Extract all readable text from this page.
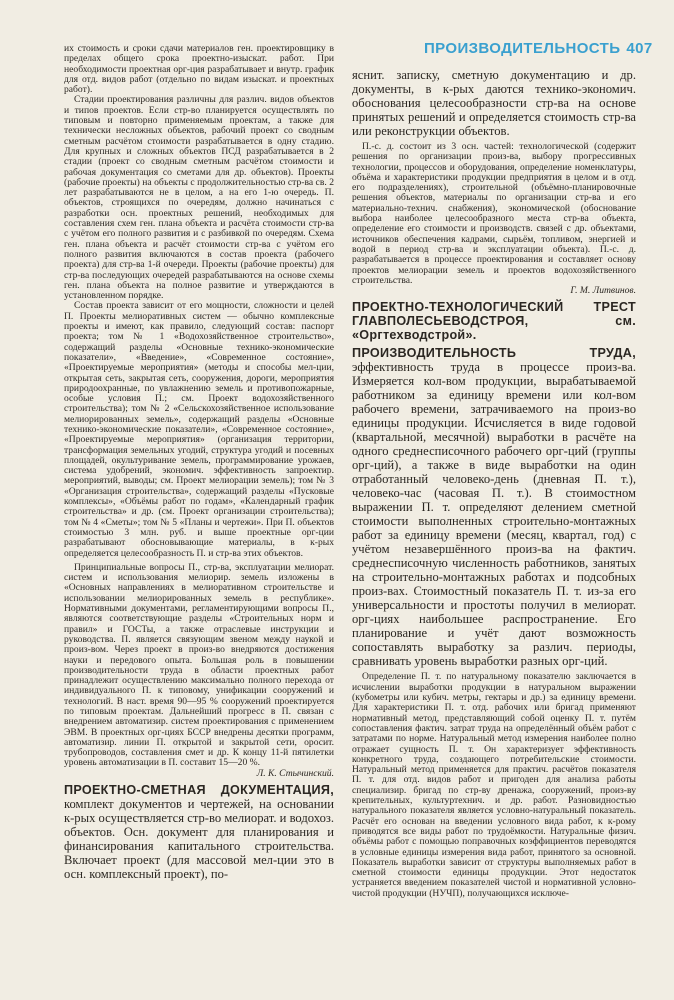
ПРОИЗВОДИТЕЛЬНОСТЬ 407

их стоимость и сроки сдачи материалов ген. проектировщику в пределах общего срока проектно-изыскат. работ. При необходимости проектная орг-ция разрабатывает и внутр. график для отд. видов работ (отдельно по видам изыскат. и проектных работ).

Стадии проектирования различны для различ. видов объектов и типов проектов. Если стр-во планируется осуществлять по типовым и повторно применяемым проектам, а также для технически несложных объектов, рабочий проект со сводным сметным расчётом стоимости разрабатывается в одну стадию. Для крупных и сложных объектов ПСД разрабатывается в 2 стадии (проект со сводным сметным расчётом стоимости и рабочая документация со сметами для др. объектов). Проекты (рабочие проекты) на объекты с продолжительностью стр-ва св. 2 лет разрабатываются не в целом, а на его 1-ю очередь. П. объектов, строящихся по очередям, должно начинаться с разработки осн. проектных решений, необходимых для составления схем ген. плана объекта и расчёта стоимости стр-ва с учётом его полного развития и с разбивкой по очередям. Схема ген. плана объекта и расчёт стоимости стр-ва с учётом его полного развития включаются в состав проекта (рабочего проекта) для стр-ва 1-й очереди. Проекты (рабочие проекты) для стр-ва последующих очередей разрабатываются на основе схемы ген. плана объекта на полное развитие и утверждаются в установленном порядке.

Состав проекта зависит от его мощности, сложности и целей П. Проекты мелиоративных систем — обычно комплексные проекты и имеют, как правило, следующий состав: паспорт проекта; том № 1 «Водохозяйственное строительство», содержащий разделы «Основные технико-экономические показатели», «Введение», «Современное состояние», «Проектируемые мероприятия» (методы и способы мел-ции, открытая сеть, закрытая сеть, сооружения, дороги, мероприятия природоохранные, по увлажнению земель и противопожарные, особые условия П.; см. Проект водохозяйственного строительства); том № 2 «Сельскохозяйственное использование мелиорированных земель», содержащий разделы «Основные технико-экономические показатели», «Современное состояние», «Проектируемые мероприятия» (организация территории, трансформация земельных угодий, структура угодий и посевных площадей, окультуривание земель, программирование урожаев, система удобрений, экономич. эффективность запроектир. мероприятий, выводы; см. Проект мелиорации земель); том № 3 «Организация строительства», содержащий разделы «Пусковые комплексы», «Объёмы работ по годам», «Календарный график строительства» и др. (см. Проект организации строительства); том № 4 «Сметы»; том № 5 «Планы и чертежи». При П. объектов стоимостью 3 млн. руб. и выше проектные орг-ции разрабатывают обосновывающие материалы, в к-рых определяется целесообразность П. и стр-ва этих объектов.

Принципиальные вопросы П., стр-ва, эксплуатации мелиорат. систем и использования мелиорир. земель изложены в «Основных направлениях в мелиоративном строительстве и использовании мелиорированных земель в республике». Нормативными документами, регламентирующими вопросы П., являются соответствующие разделы «Строительных норм и правил» и ГОСТы, а также отраслевые инструкции и руководства. П. является связующим звеном между наукой и произ-вом. Через проект в произ-во внедряются достижения науки и передового опыта. Большая роль в повышении производительности труда в области проектных работ принадлежит осуществлению максимально полного перехода от индивидуального П. к типовому, унификации сооружений и технологий. В наст. время 90—95 % сооружений проектируется по типовым проектам. Дальнейший прогресс в П. связан с внедрением автоматизир. систем проектирования с применением ЭВМ. В проектных орг-циях БССР внедрены десятки программ, автоматизир. линии П. открытой и закрытой сети, оросит. трубопроводов, составления смет и др. К концу 11-й пятилетки уровень автоматизации в П. составит 15—20 %.

Л. К. Стычинский.

ПРОЕКТНО-СМЕТНАЯ ДОКУМЕНТАЦИЯ, комплект документов и чертежей, на основании к-рых осуществляется стр-во мелиорат. и водохоз. объектов. Осн. документ для планирования и финансирования капитального строительства. Включает проект (для массовой мел-ции это в осн. комплексный проект), по-

яснит. записку, сметную документацию и др. документы, в к-рых даются технико-экономич. обоснования целесообразности стр-ва на основе принятых решений и определяется стоимость стр-ва или реконструкции объектов.

П.-с. д. состоит из 3 осн. частей: технологической (содержит решения по организации произ-ва, выбору прогрессивных технологии, процессов и оборудования, определение номенклатуры, объёма и характеристики продукции предприятия в целом и в отд. его подразделениях), строительной (объёмно-планировочные решения объектов, материалы по организации стр-ва и его материально-технич. снабжения), экономической (обоснование выбора наиболее целесообразного места стр-ва объекта, определение его стоимости и производств. связей с др. объектами, источников обеспечения кадрами, сырьём, топливом, энергией и водой в период стр-ва и эксплуатации объекта). П.-с. д. разрабатывается в процессе проектирования и составляет основу проектов мелиорации земель и проектов водохозяйственного строительства.

Г. М. Литвинов.

ПРОЕКТНО-ТЕХНОЛОГИЧЕСКИЙ ТРЕСТ ГЛАВПОЛЕСЬЕВОДСТРОЯ, см. «Оргтехводстрой».

ПРОИЗВОДИТЕЛЬНОСТЬ ТРУДА, эффективность труда в процессе произ-ва. Измеряется кол-вом продукции, вырабатываемой работником за единицу времени или кол-вом рабочего времени, затрачиваемого на произ-во единицы продукции. Исчисляется в виде годовой (квартальной, месячной) выработки в расчёте на одного среднесписочного рабочего орг-ций (группы орг-ций), а также в виде выработки на один отработанный человеко-день (дневная П. т.), человеко-час (часовая П. т.). В стоимостном выражении П. т. определяют делением сметной стоимости выполненных строительно-монтажных работ за единицу времени (месяц, квартал, год) с учётом незавершённого произ-ва на фактич. среднесписочную численность работников, занятых на строительно-монтажных работах и подсобных произ-вах. Стоимостный показатель П. т. из-за его универсальности и простоты получил в мелиорат. орг-циях наибольшее распространение. Его планирование и учёт дают возможность сопоставлять выработку за различ. периоды, сравнивать уровень выработки разных орг-ций.

Определение П. т. по натуральному показателю заключается в исчислении выработки продукции в натуральном выражении (кубометры или кубич. метры, гектары и др.) за единицу времени. Для характеристики П. т. отд. рабочих или бригад применяют нормативный метод, представляющий собой оценку П. т. путём сопоставления фактич. затрат труда на определённый объём работ с затратами по норме. Натуральный метод измерения наиболее полно отражает сущность П. т. Он характеризует эффективность конкретного труда, создающего потребительские стоимости. Натуральный метод применяется для практич. расчётов показателя П. т. для отд. видов работ и пригоден для анализа работы специализир. бригад по стр-ву дренажа, сооружений, произ-ву крепительных, культуртехнич. и др. работ. Разновидностью натурального показателя является условно-натуральный показатель. Расчёт его основан на введении условного вида работ, к к-рому приводятся все виды работ по трудоёмкости. Натуральные физич. объёмы работ с помощью поправочных коэффициентов переводятся в условные единицы измерения вида работ, принятого за основной. Показатель выработки зависит от структуры выполняемых работ в сметной стоимости единицы продукции. Этот недостаток устраняется введением показателей чистой и нормативной условно-чистой продукции (НУЧП), получающихся исключе-
